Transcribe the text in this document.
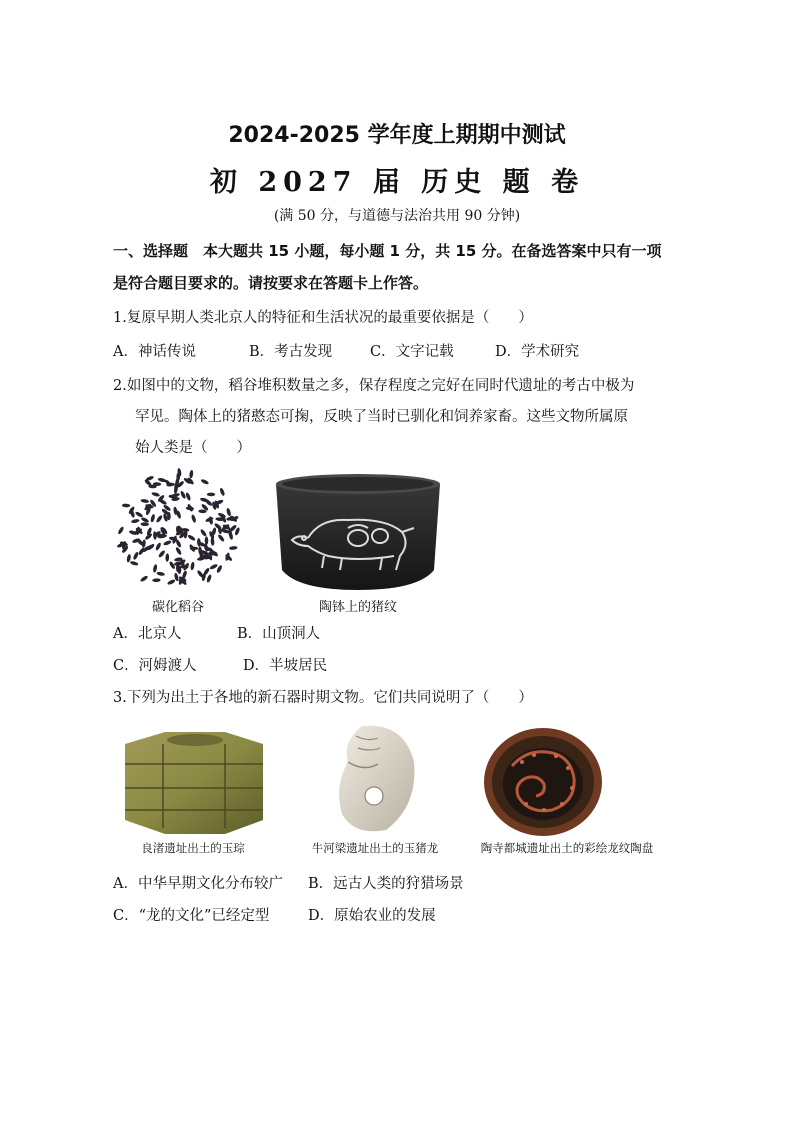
2024-2025 学年度上期期中测试
初 2027 届 历史 题 卷
(满 50 分，与道德与法治共用 90 分钟)
一、选择题　本大题共 15 小题，每小题 1 分，共 15 分。在备选答案中只有一项
是符合题目要求的。请按要求在答题卡上作答。
1.复原早期人类北京人的特征和生活状况的最重要依据是（　　）
A．神话传说	B．考古发现	C．文字记载	D．学术研究
2.如图中的文物，稻谷堆积数量之多，保存程度之完好在同时代遗址的考古中极为
罕见。陶体上的猪憨态可掬，反映了当时已驯化和饲养家畜。这些文物所属原
始人类是（　　）
碳化稻谷	陶钵上的猪纹
A．北京人	B．山顶洞人
C．河姆渡人	D．半坡居民
3.下列为出土于各地的新石器时期文物。它们共同说明了（　　）
良渚遗址出土的玉琮	牛河梁遗址出土的玉猪龙	陶寺都城遗址出土的彩绘龙纹陶盘
A．中华早期文化分布较广 B．远古人类的狩猎场景
C．“龙的文化”已经定型	D．原始农业的发展
